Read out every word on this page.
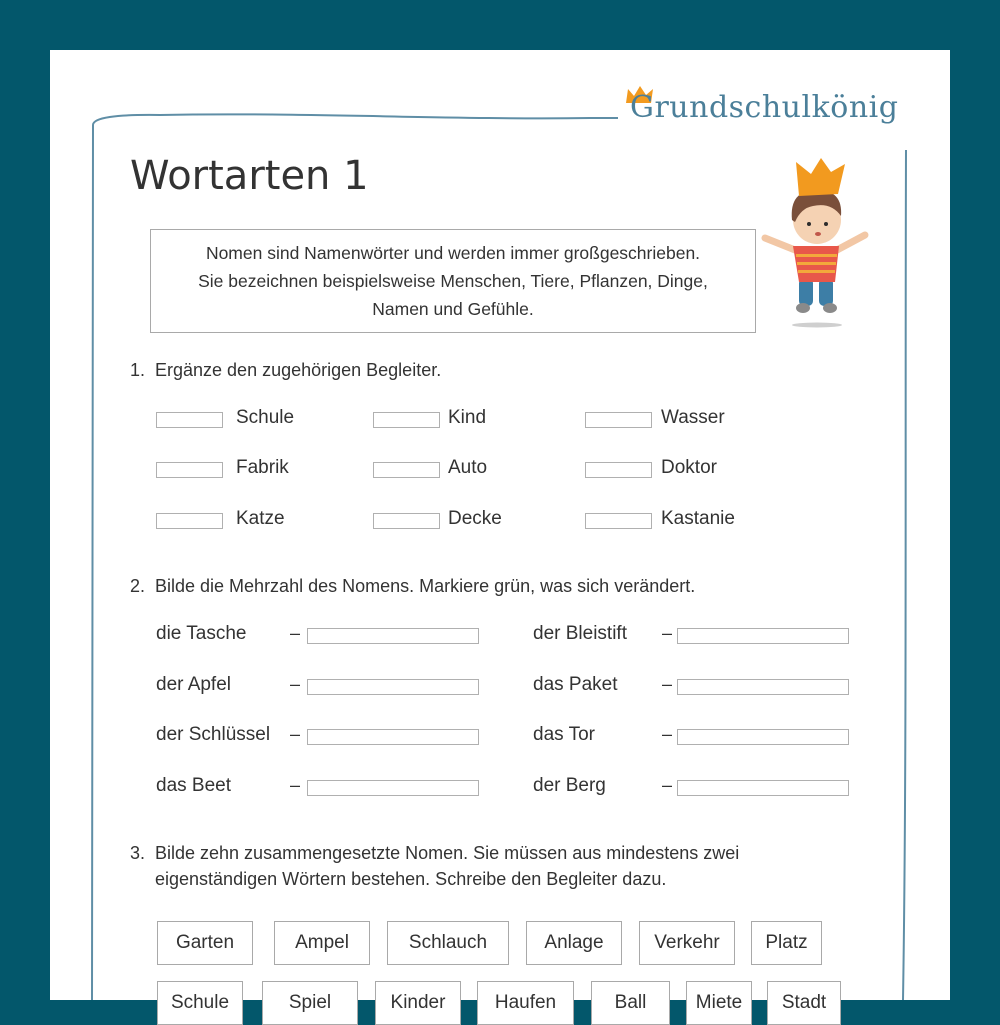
Grundschulkönig
Wortarten 1
Nomen sind Namenwörter und werden immer großgeschrieben.
Sie bezeichnen beispielsweise Menschen, Tiere, Pflanzen, Dinge,
Namen und Gefühle.
1. Ergänze den zugehörigen Begleiter.
Schule	Kind	Wasser
Fabrik	Auto	Doktor
Katze	Decke	Kastanie
2. Bilde die Mehrzahl des Nomens. Markiere grün, was sich verändert.
die Tasche –	der Bleistift –
der Apfel	–	das Paket –
der Schlüssel –	das Tor	–
das Beet	–	der Berg	–
3. Bilde zehn zusammengesetzte Nomen. Sie müssen aus mindestens zwei
eigenständigen Wörtern bestehen. Schreibe den Begleiter dazu.
Garten	Ampel	Schlauch	Anlage	Verkehr	Platz
Schule	Spiel	Kinder	Haufen	Ball	Miete	Stadt
